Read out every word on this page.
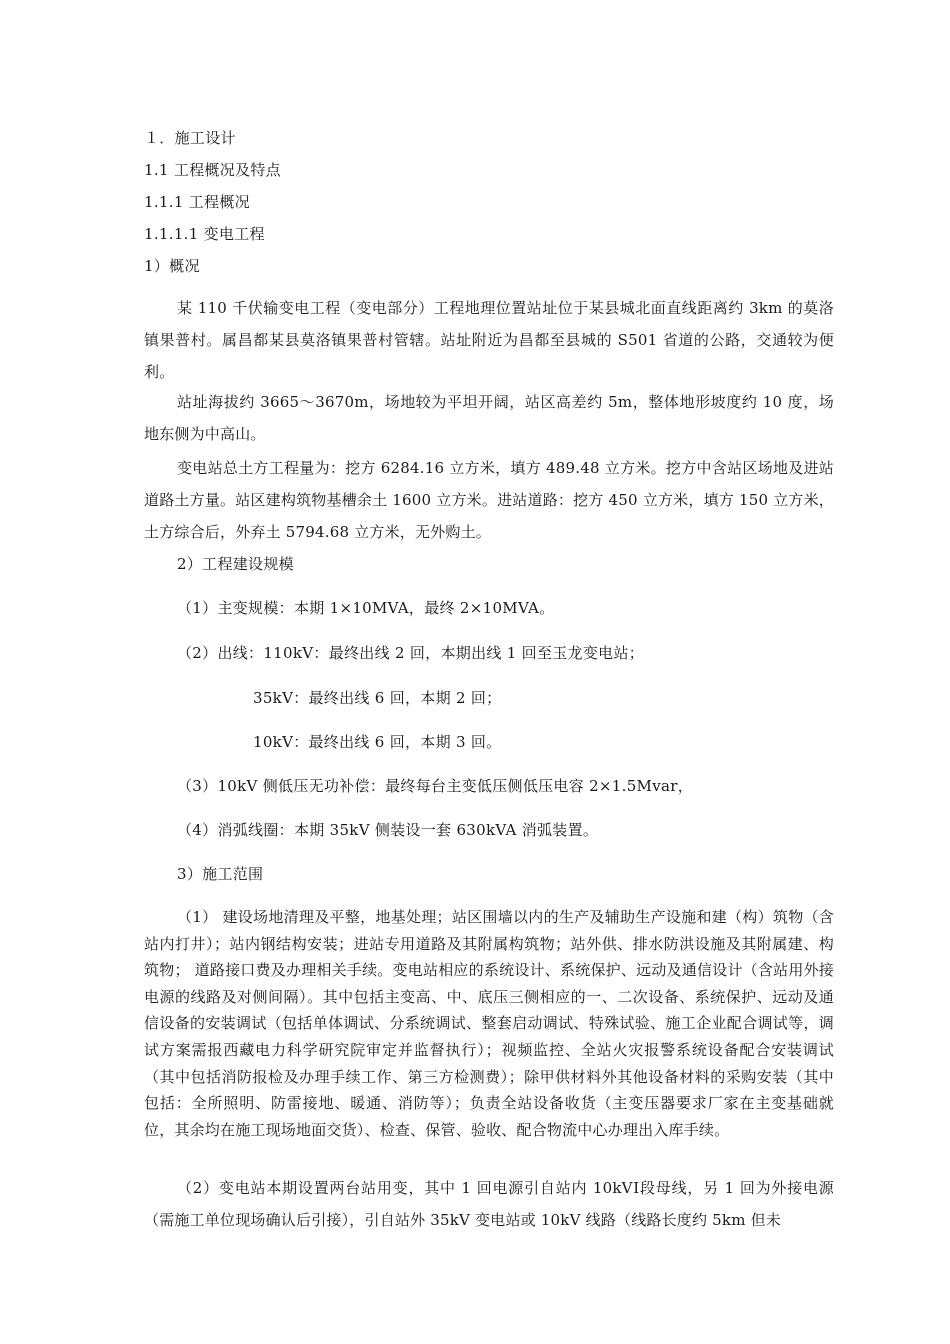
１．施工设计
1.1 工程概况及特点
1.1.1 工程概况
1.1.1.1 变电工程
1）概况
某 110 千伏输变电工程（变电部分）工程地理位置站址位于某县城北面直线距离约 3km 的莫洛镇果普村。属昌都某县莫洛镇果普村管辖。站址附近为昌都至县城的 S501 省道的公路，交通较为便利。
站址海拔约 3665～3670m，场地较为平坦开阔，站区高差约 5m，整体地形坡度约 10 度，场地东侧为中高山。
变电站总土方工程量为：挖方 6284.16 立方米，填方 489.48 立方米。挖方中含站区场地及进站道路土方量。站区建构筑物基槽余土 1600 立方米。进站道路：挖方 450 立方米，填方 150 立方米，土方综合后，外弃土 5794.68 立方米，无外购土。
2）工程建设规模
（1）主变规模：本期 1×10MVA，最终 2×10MVA。
（2）出线：110kV：最终出线 2 回，本期出线 1 回至玉龙变电站；
35kV：最终出线 6 回，本期 2 回；
10kV：最终出线 6 回，本期 3 回。
（3）10kV 侧低压无功补偿：最终每台主变低压侧低压电容 2×1.5Mvar，
（4）消弧线圈：本期 35kV 侧装设一套 630kVA 消弧装置。
3）施工范围
（1） 建设场地清理及平整，地基处理；站区围墙以内的生产及辅助生产设施和建（构）筑物（含站内打井）；站内钢结构安装；进站专用道路及其附属构筑物；站外供、排水防洪设施及其附属建、构筑物； 道路接口费及办理相关手续。变电站相应的系统设计、系统保护、远动及通信设计（含站用外接电源的线路及对侧间隔）。其中包括主变高、中、底压三侧相应的一、二次设备、系统保护、远动及通信设备的安装调试（包括单体调试、分系统调试、整套启动调试、特殊试验、施工企业配合调试等，调试方案需报西藏电力科学研究院审定并监督执行）；视频监控、全站火灾报警系统设备配合安装调试（其中包括消防报检及办理手续工作、第三方检测费）；除甲供材料外其他设备材料的采购安装（其中包括：全所照明、防雷接地、暖通、消防等）；负责全站设备收货（主变压器要求厂家在主变基础就位，其余均在施工现场地面交货）、检查、保管、验收、配合物流中心办理出入库手续。
（2）变电站本期设置两台站用变，其中 1 回电源引自站内 10kVⅠ段母线，另 1 回为外接电源（需施工单位现场确认后引接），引自站外 35kV 变电站或 10kV 线路（线路长度约 5km 但未
